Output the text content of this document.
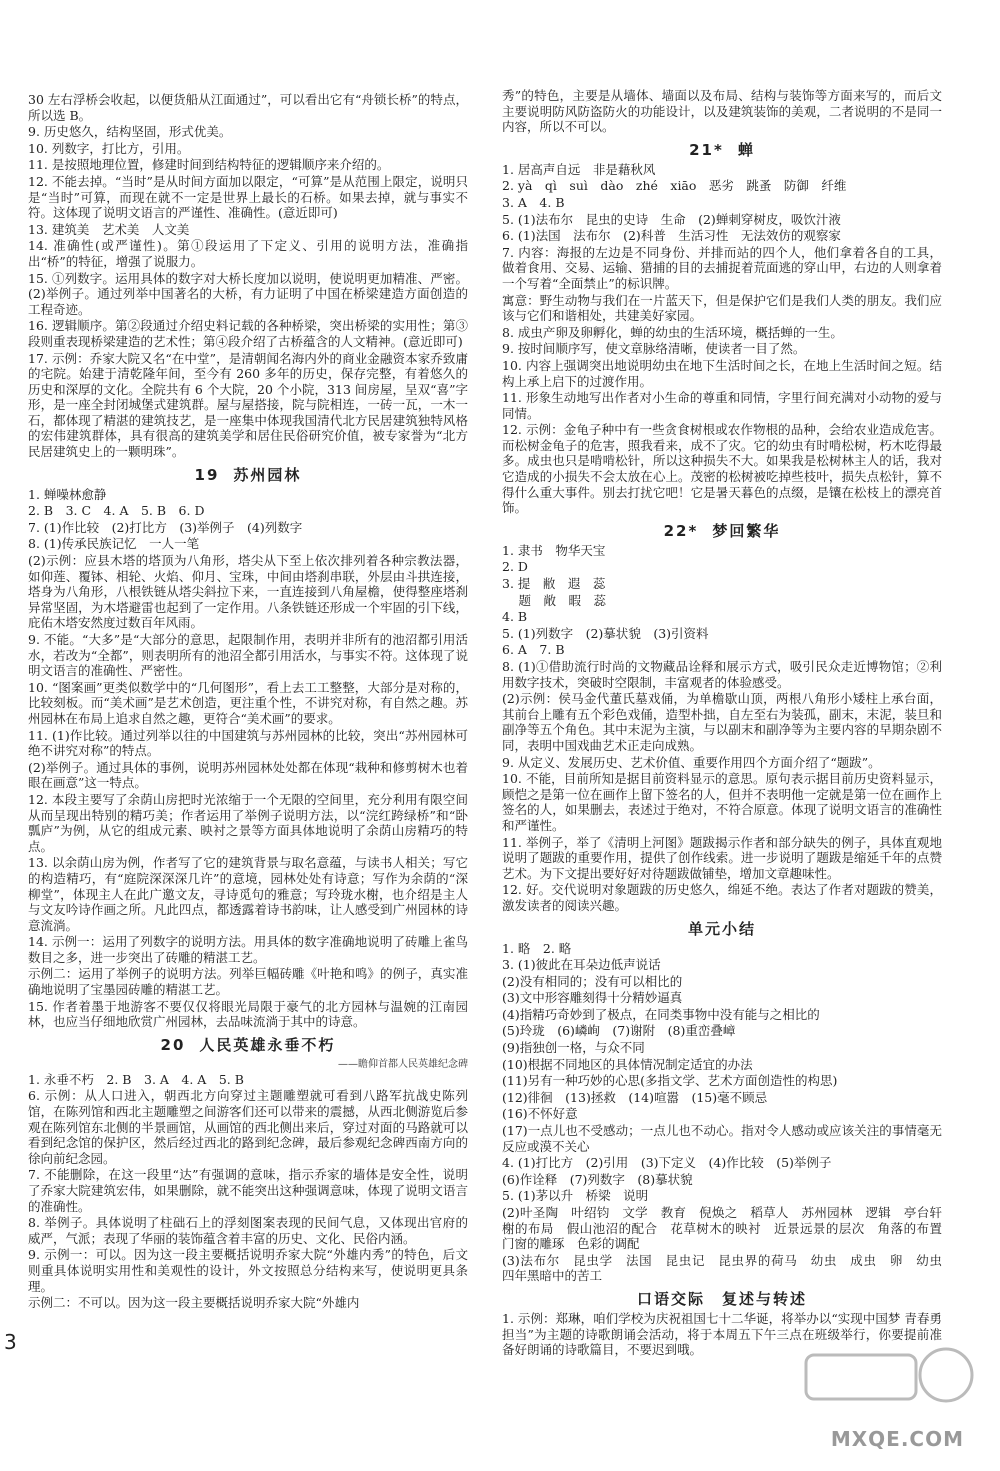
30 左右浮桥会收起，以便货船从江面通过”，可以看出它有“舟锁长桥”的特点，所以选 B。
9. 历史悠久，结构坚固，形式优美。
10. 列数字，打比方，引用。
11. 是按照地理位置，修建时间到结构特征的逻辑顺序来介绍的。
12. 不能去掉。“当时”是从时间方面加以限定，“可算”是从范围上限定，说明只是“当时”可算，而现在就不一定是世界上最长的石桥。如果去掉，就与事实不符。这体现了说明文语言的严谨性、准确性。(意近即可)
13. 建筑美　艺术美　人文美
14. 准确性(或严谨性)。第①段运用了下定义、引用的说明方法，准确指出“桥”的特征，增强了说服力。
15. ①列数字。运用具体的数字对大桥长度加以说明，使说明更加精准、严密。(2)举例子。通过列举中国著名的大桥，有力证明了中国在桥梁建造方面创造的工程奇迹。
16. 逻辑顺序。第②段通过介绍史料记载的各种桥梁，突出桥梁的实用性；第③段则重表现桥梁建造的艺术性；第④段介绍了古桥蕴含的人文精神。(意近即可)
17. 示例：乔家大院又名“在中堂”，是清朝闻名海内外的商业金融资本家乔致庸的宅院。始建于清乾隆年间，至今有 260 多年的历史，保存完整，有着悠久的历史和深厚的文化。全院共有 6 个大院，20 个小院，313 间房屋，呈双“喜”字形，是一座全封闭城堡式建筑群。屋与屋搭接，院与院相连，一砖一瓦，一木一石，都体现了精湛的建筑技艺，是一座集中体现我国清代北方民居建筑独特风格的宏伟建筑群体，具有很高的建筑美学和居住民俗研究价值，被专家誉为“北方民居建筑史上的一颗明珠”。
19 苏州园林
1. 蝉噪林愈静
2. B　3. C　4. A　5. B　6. D
7. (1)作比较　(2)打比方　(3)举例子　(4)列数字
8. (1)传承民族记忆　一人一笔
(2)示例：应县木塔的塔顶为八角形，塔尖从下至上依次排列着各种宗教法器，如仰莲、覆钵、相轮、火焰、仰月、宝珠，中间由塔刹串联，外层由斗拱连接，塔身为八角形，八根铁链从塔尖斜拉下来，一直连接到八角屋檐，使得整座塔刹异常坚固，为木塔避雷也起到了一定作用。八条铁链还形成一个牢固的引下线，庇佑木塔安然度过数百年风雨。
9. 不能。“大多”是“大部分的意思，起限制作用，表明并非所有的池沼都引用活水，若改为“全都”，则表明所有的池沼全都引用活水，与事实不符。这体现了说明文语言的准确性、严密性。
10. “图案画”更类似数学中的“几何图形”，看上去工工整整，大部分是对称的，比较刻板。而“美术画”是艺术创造，更注重个性，不讲究对称，有自然之趣。苏州园林在布局上追求自然之趣，更符合“美术画”的要求。
11. (1)作比较。通过列举以往的中国建筑与苏州园林的比较，突出“苏州园林可绝不讲究对称”的特点。
(2)举例子。通过具体的事例，说明苏州园林处处都在体现“栽种和修剪树木也着眼在画意”这一特点。
12. 本段主要写了余荫山房把时光浓缩于一个无限的空间里，充分利用有限空间从而呈现出特别的精巧美；作者运用了举例子说明方法，以“浣红跨绿桥”和“卧瓢庐”为例，从它的组成元素、映衬之景等方面具体地说明了余荫山房精巧的特点。
13. 以余荫山房为例，作者写了它的建筑背景与取名意蕴，与读书人相关；写它的构造精巧，有“庭院深深深几许”的意境，园林处处有诗意；写作为余荫的“深柳堂”，体现主人在此广邀文友，寻诗觅句的雅意；写玲珑水榭，也介绍是主人与文友吟诗作画之所。凡此四点，都透露着诗书韵味，让人感受到广州园林的诗意流淌。
14. 示例一：运用了列数字的说明方法。用具体的数字准确地说明了砖雕上雀鸟数目之多，进一步突出了砖雕的精湛工艺。
示例二：运用了举例子的说明方法。列举巨幅砖雕《叶艳和鸣》的例子，真实准确地说明了宝墨园砖雕的精湛工艺。
15. 作者着墨于地游客不要仅仅将眼光局限于豪气的北方园林与温婉的江南园林，也应当仔细地欣赏广州园林，去品味流淌于其中的诗意。
20 人民英雄永垂不朽
——瞻仰首都人民英雄纪念碑
1. 永垂不朽　2. B　3. A　4. A　5. B
6. 示例：从人口进入，朝西北方向穿过主题雕塑就可看到八路军抗战史陈列馆，在陈列馆和西北主题雕塑之间游客们还可以带来的震撼，从西北侧游览后参观在陈列馆东北侧的半景画馆，从画馆的西北侧出来后，穿过对面的马路就可以看到纪念馆的保护区，然后经过西北的路到纪念碑，最后参观纪念碑西南方向的徐向前纪念园。
7. 不能删除，在这一段里“达”有强调的意味，指示乔家的墙体是安全性，说明了乔家大院建筑宏伟，如果删除，就不能突出这种强调意味，体现了说明文语言的准确性。
8. 举例子。具体说明了柱础石上的浮刻图案表现的民间气息，又体现出官府的威严，气派；表现了华丽的装饰蕴含着丰富的历史、文化、民俗内涵。
9. 示例一：可以。因为这一段主要概括说明乔家大院“外雄内秀”的特色，后文则重具体说明实用性和美观性的设计，外文按照总分结构来写，使说明更具条理。
示例二：不可以。因为这一段主要概括说明乔家大院“外雄内
秀”的特色，主要是从墙体、墙面以及布局、结构与装饰等方面来写的，而后文主要说明防风防盗防火的功能设计，以及建筑装饰的美观，二者说明的不是同一内容，所以不可以。
21* 蝉
1. 居高声自远　非是藉秋风
2. yà　qì　suì　dào　zhé　xiāo　恶劣　跳蚤　防御　纤维
3. A　4. B
5. (1)法布尔　昆虫的史诗　生命　(2)蝉刺穿树皮，吸饮汁液
6. (1)法国　法布尔　(2)科普　生活习性　无法效仿的观察家
7. 内容：海报的左边是不同身份、并排而站的四个人，他们拿着各自的工具，做着食用、交易、运输、猎捕的目的去捕捉着荒面逃的穿山甲，右边的人则拿着一个写着“全面禁止”的标识牌。
寓意：野生动物与我们在一片蓝天下，但是保护它们是我们人类的朋友。我们应该与它们和谐相处，共建美好家园。
8. 成虫产卵及卵孵化，蝉的幼虫的生活环境，概括蝉的一生。
9. 按时间顺序写，使文章脉络清晰，使读者一目了然。
10. 内容上强调突出地说明幼虫在地下生活时间之长，在地上生活时间之短。结构上承上启下的过渡作用。
11. 形象生动地写出作者对小生命的尊重和同情，字里行间充满对小动物的爱与同情。
12. 示例：金龟子种中有一些贪食树根或农作物根的品种，会给农业造成危害。而松树金龟子的危害，照我看来，成不了灾。它的幼虫有时啃松树，朽木吃得最多。成虫也只是啃啃松针，所以这种损失不大。如果我是松树林主人的话，我对它造成的小损失不会太放在心上。茂密的松树被吃掉些枝叶，损失点松针，算不得什么重大事件。别去打扰它吧！它是暑天暮色的点缀，是镶在松枝上的漂亮首饰。
22* 梦回繁华
1. 隶书　物华天宝
2. D
3. 提　敝　遐　蕊
　 题　敞　暇　蕊
4. B
5. (1)列数字　(2)摹状貌　(3)引资料
6. A　7. B
8. (1)①借助流行时尚的文物藏品诠释和展示方式，吸引民众走近博物馆；②利用数字技术，突破时空限制，丰富观者的体验感受。
(2)示例：侯马金代董氏墓戏俑，为单檐歇山顶，两根八角形小矮柱上承台面，其前台上雕有五个彩色戏俑，造型朴拙，自左至右为装孤，副末，末泥，装旦和副净等五个角色。其中末泥为主演，与以副末和副净等为主要内容的早期杂剧不同，表明中国戏曲艺术正走向成熟。
9. 从定义、发展历史、艺术价值、重要作用四个方面介绍了“题跋”。
10. 不能，目前所知是据目前资料显示的意思。原句表示据目前历史资料显示，顾恺之是第一位在画作上留下签名的人，但并不表明他一定就是第一位在画作上签名的人，如果删去，表述过于绝对，不符合原意。体现了说明文语言的准确性和严谨性。
11. 举例子，举了《清明上河图》题跋揭示作者和部分缺失的例子，具体直观地说明了题跋的重要作用，提供了创作线索。进一步说明了题跋是缩延千年的点赞艺术。为下文提出要好好对待题跋做铺垫，增加文章趣味性。
12. 好。交代说明对象题跋的历史悠久，绵延不绝。表达了作者对题跋的赞美，激发读者的阅读兴趣。
单元小结
1. 略　2. 略
3. (1)彼此在耳朵边低声说话
(2)没有相同的；没有可以相比的
(3)文中形容雕刻得十分精妙逼真
(4)指精巧奇妙到了极点，在同类事物中没有能与之相比的
(5)玲珑　(6)嶙峋　(7)谢附　(8)重峦叠嶂
(9)指独创一格，与众不同
(10)根据不同地区的具体情况制定适宜的办法
(11)另有一种巧妙的心思(多指文学、艺术方面创造性的构思)
(12)徘徊　(13)拯救　(14)喧嚣　(15)毫不顾忌
(16)不怀好意
(17)一点儿也不受感动；一点儿也不动心。指对令人感动或应该关注的事情毫无反应或漠不关心
4. (1)打比方　(2)引用　(3)下定义　(4)作比较　(5)举例子
(6)作诠释　(7)列数字　(8)摹状貌
5. (1)茅以升　桥梁　说明
(2)叶圣陶　叶绍钧　文学　教育　倪焕之　稻草人　苏州园林　逻辑　亭台轩榭的布局　假山池沼的配合　花草树木的映衬　近景远景的层次　角落的布置　门窗的雕琢　色彩的调配
(3)法布尔　昆虫学　法国　昆虫记　昆虫界的荷马　幼虫　成虫　卵　幼虫　四年黑暗中的苦工
口语交际　复述与转述
1. 示例：郑琳，咱们学校为庆祝祖国七十二华诞，将举办以“实现中国梦 青春勇担当”为主题的诗歌朗诵会活动，将于本周五下午三点在班级举行，你要提前准备好朗诵的诗歌篇目，不要迟到哦。
3
MXQE.COM
